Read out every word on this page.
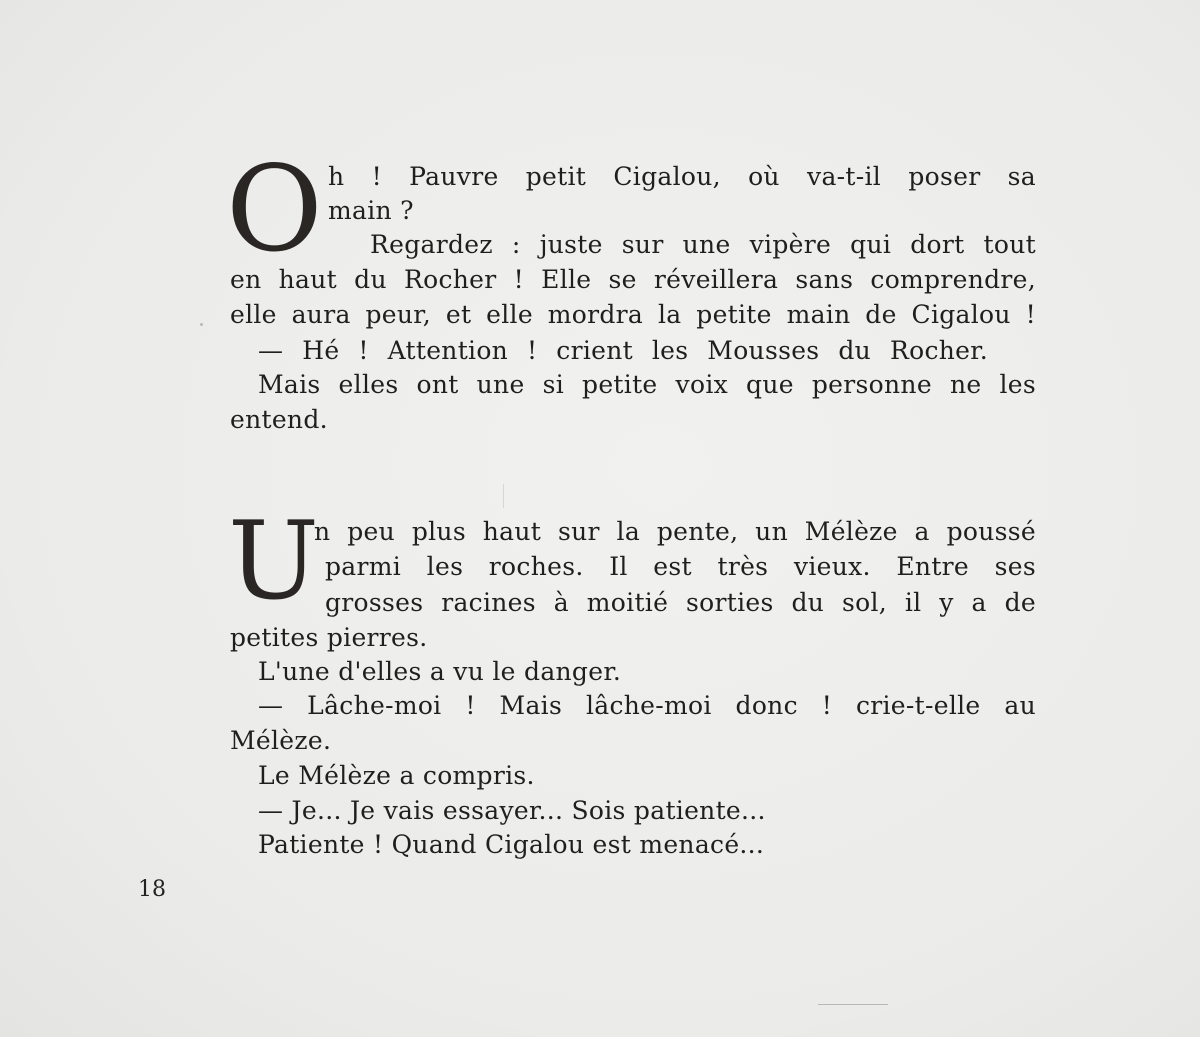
O h ! Pauvre petit Cigalou, où va-t-il poser sa
main ?
Regardez : juste sur une vipère qui dort tout
en haut du Rocher ! Elle se réveillera sans comprendre,
elle aura peur, et elle mordra la petite main de Cigalou !
— Hé ! Attention ! crient les Mousses du Rocher.
Mais elles ont une si petite voix que personne ne les
entend.
U
n peu plus haut sur la pente, un Mélèze a poussé
parmi les roches. Il est très vieux. Entre ses
grosses racines à moitié sorties du sol, il y a de
petites pierres.
L'une d'elles a vu le danger.
— Lâche-moi ! Mais lâche-moi donc ! crie-t-elle au
Mélèze.
Le Mélèze a compris.
— Je... Je vais essayer... Sois patiente...
Patiente ! Quand Cigalou est menacé...
18
